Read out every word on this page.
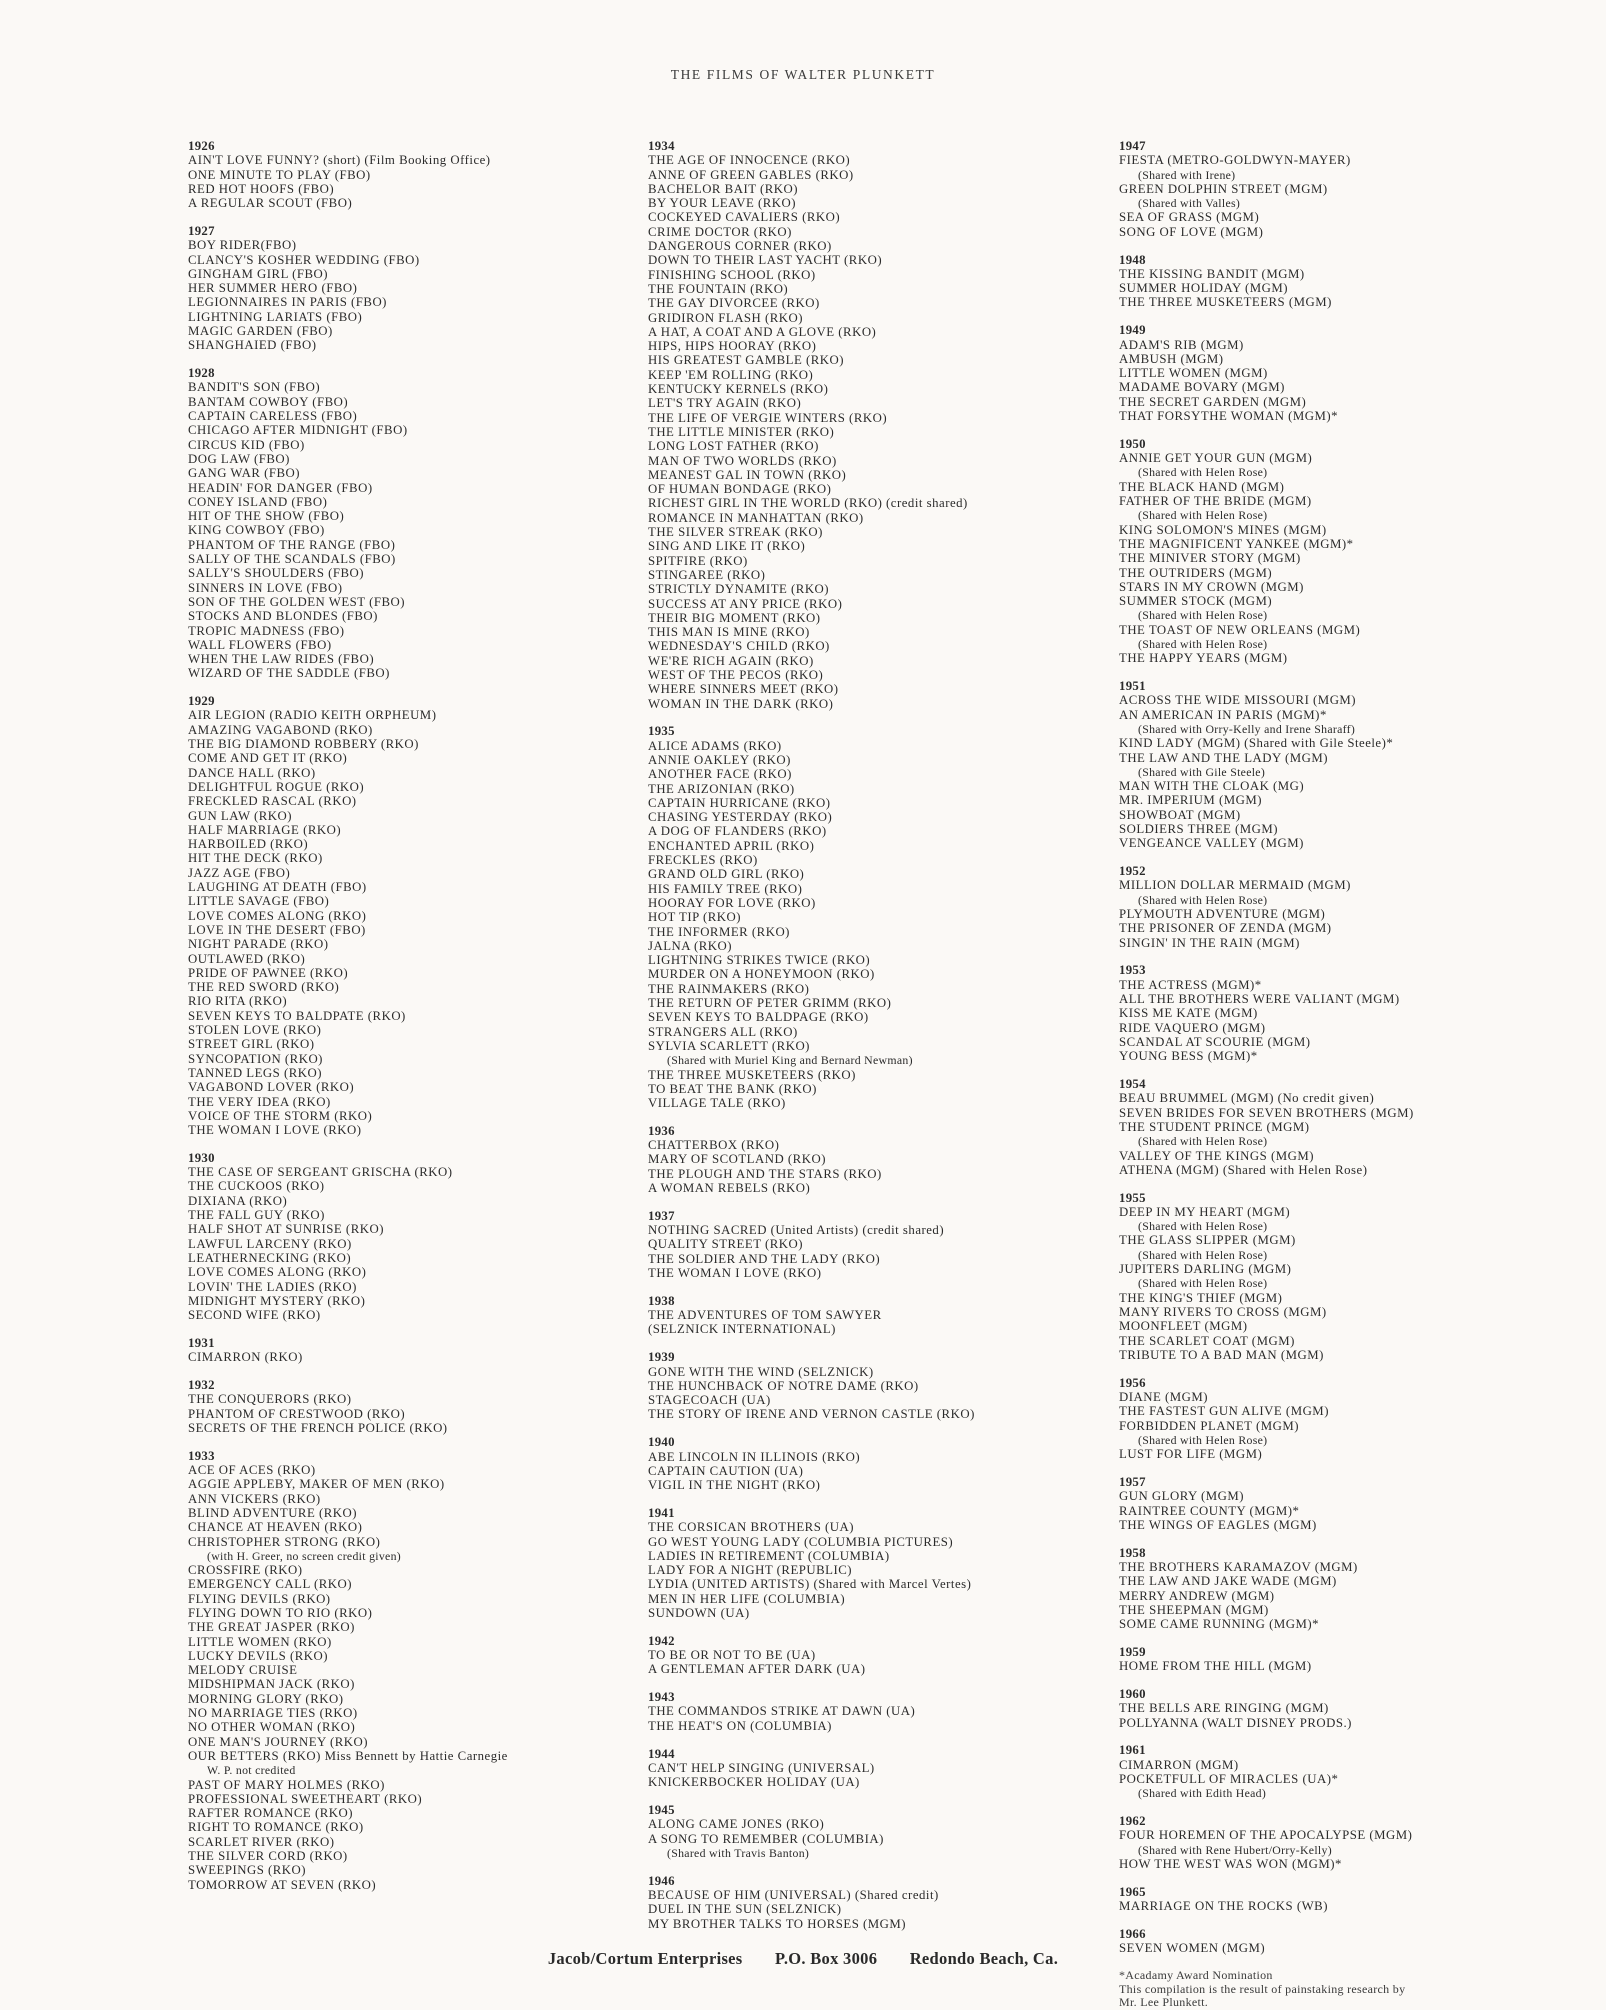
THE FILMS OF WALTER PLUNKETT
1926
AIN'T LOVE FUNNY? (short) (Film Booking Office)
ONE MINUTE TO PLAY (FBO)
RED HOT HOOFS (FBO)
A REGULAR SCOUT (FBO)
1927
BOY RIDER(FBO)
CLANCY'S KOSHER WEDDING (FBO)
GINGHAM GIRL (FBO)
HER SUMMER HERO (FBO)
LEGIONNAIRES IN PARIS (FBO)
LIGHTNING LARIATS (FBO)
MAGIC GARDEN (FBO)
SHANGHAIED (FBO)
1928
BANDIT'S SON (FBO)
BANTAM COWBOY (FBO)
CAPTAIN CARELESS (FBO)
CHICAGO AFTER MIDNIGHT (FBO)
CIRCUS KID (FBO)
DOG LAW (FBO)
GANG WAR (FBO)
HEADIN' FOR DANGER (FBO)
CONEY ISLAND (FBO)
HIT OF THE SHOW (FBO)
KING COWBOY (FBO)
PHANTOM OF THE RANGE (FBO)
SALLY OF THE SCANDALS (FBO)
SALLY'S SHOULDERS (FBO)
SINNERS IN LOVE (FBO)
SON OF THE GOLDEN WEST (FBO)
STOCKS AND BLONDES (FBO)
TROPIC MADNESS (FBO)
WALL FLOWERS (FBO)
WHEN THE LAW RIDES (FBO)
WIZARD OF THE SADDLE (FBO)
1929
AIR LEGION (RADIO KEITH ORPHEUM)
AMAZING VAGABOND (RKO)
THE BIG DIAMOND ROBBERY (RKO)
COME AND GET IT (RKO)
DANCE HALL (RKO)
DELIGHTFUL ROGUE (RKO)
FRECKLED RASCAL (RKO)
GUN LAW (RKO)
HALF MARRIAGE (RKO)
HARBOILED (RKO)
HIT THE DECK (RKO)
JAZZ AGE (FBO)
LAUGHING AT DEATH (FBO)
LITTLE SAVAGE (FBO)
LOVE COMES ALONG (RKO)
LOVE IN THE DESERT (FBO)
NIGHT PARADE (RKO)
OUTLAWED (RKO)
PRIDE OF PAWNEE (RKO)
THE RED SWORD (RKO)
RIO RITA (RKO)
SEVEN KEYS TO BALDPATE (RKO)
STOLEN LOVE (RKO)
STREET GIRL (RKO)
SYNCOPATION (RKO)
TANNED LEGS (RKO)
VAGABOND LOVER (RKO)
THE VERY IDEA (RKO)
VOICE OF THE STORM (RKO)
THE WOMAN I LOVE (RKO)
1930
THE CASE OF SERGEANT GRISCHA (RKO)
THE CUCKOOS (RKO)
DIXIANA (RKO)
THE FALL GUY (RKO)
HALF SHOT AT SUNRISE (RKO)
LAWFUL LARCENY (RKO)
LEATHERNECKING (RKO)
LOVE COMES ALONG (RKO)
LOVIN' THE LADIES (RKO)
MIDNIGHT MYSTERY (RKO)
SECOND WIFE (RKO)
1931
CIMARRON (RKO)
1932
THE CONQUERORS (RKO)
PHANTOM OF CRESTWOOD (RKO)
SECRETS OF THE FRENCH POLICE (RKO)
1933
ACE OF ACES (RKO)
AGGIE APPLEBY, MAKER OF MEN (RKO)
ANN VICKERS (RKO)
BLIND ADVENTURE (RKO)
CHANCE AT HEAVEN (RKO)
CHRISTOPHER STRONG (RKO)
(with H. Greer, no screen credit given)
CROSSFIRE (RKO)
EMERGENCY CALL (RKO)
FLYING DEVILS (RKO)
FLYING DOWN TO RIO (RKO)
THE GREAT JASPER (RKO)
LITTLE WOMEN (RKO)
LUCKY DEVILS (RKO)
MELODY CRUISE
MIDSHIPMAN JACK (RKO)
MORNING GLORY (RKO)
NO MARRIAGE TIES (RKO)
NO OTHER WOMAN (RKO)
ONE MAN'S JOURNEY (RKO)
OUR BETTERS (RKO) Miss Bennett by Hattie Carnegie
W. P. not credited
PAST OF MARY HOLMES (RKO)
PROFESSIONAL SWEETHEART (RKO)
RAFTER ROMANCE (RKO)
RIGHT TO ROMANCE (RKO)
SCARLET RIVER (RKO)
THE SILVER CORD (RKO)
SWEEPINGS (RKO)
TOMORROW AT SEVEN (RKO)
1934
THE AGE OF INNOCENCE (RKO)
ANNE OF GREEN GABLES (RKO)
BACHELOR BAIT (RKO)
BY YOUR LEAVE (RKO)
COCKEYED CAVALIERS (RKO)
CRIME DOCTOR (RKO)
DANGEROUS CORNER (RKO)
DOWN TO THEIR LAST YACHT (RKO)
FINISHING SCHOOL (RKO)
THE FOUNTAIN (RKO)
THE GAY DIVORCEE (RKO)
GRIDIRON FLASH (RKO)
A HAT, A COAT AND A GLOVE (RKO)
HIPS, HIPS HOORAY (RKO)
HIS GREATEST GAMBLE (RKO)
KEEP 'EM ROLLING (RKO)
KENTUCKY KERNELS (RKO)
LET'S TRY AGAIN (RKO)
THE LIFE OF VERGIE WINTERS (RKO)
THE LITTLE MINISTER (RKO)
LONG LOST FATHER (RKO)
MAN OF TWO WORLDS (RKO)
MEANEST GAL IN TOWN (RKO)
OF HUMAN BONDAGE (RKO)
RICHEST GIRL IN THE WORLD (RKO) (credit shared)
ROMANCE IN MANHATTAN (RKO)
THE SILVER STREAK (RKO)
SING AND LIKE IT (RKO)
SPITFIRE (RKO)
STINGAREE (RKO)
STRICTLY DYNAMITE (RKO)
SUCCESS AT ANY PRICE (RKO)
THEIR BIG MOMENT (RKO)
THIS MAN IS MINE (RKO)
WEDNESDAY'S CHILD (RKO)
WE'RE RICH AGAIN (RKO)
WEST OF THE PECOS (RKO)
WHERE SINNERS MEET (RKO)
WOMAN IN THE DARK (RKO)
1935
ALICE ADAMS (RKO)
ANNIE OAKLEY (RKO)
ANOTHER FACE (RKO)
THE ARIZONIAN (RKO)
CAPTAIN HURRICANE (RKO)
CHASING YESTERDAY (RKO)
A DOG OF FLANDERS (RKO)
ENCHANTED APRIL (RKO)
FRECKLES (RKO)
GRAND OLD GIRL (RKO)
HIS FAMILY TREE (RKO)
HOORAY FOR LOVE (RKO)
HOT TIP (RKO)
THE INFORMER (RKO)
JALNA (RKO)
LIGHTNING STRIKES TWICE (RKO)
MURDER ON A HONEYMOON (RKO)
THE RAINMAKERS (RKO)
THE RETURN OF PETER GRIMM (RKO)
SEVEN KEYS TO BALDPAGE (RKO)
STRANGERS ALL (RKO)
SYLVIA SCARLETT (RKO)
(Shared with Muriel King and Bernard Newman)
THE THREE MUSKETEERS (RKO)
TO BEAT THE BANK (RKO)
VILLAGE TALE (RKO)
1936
CHATTERBOX (RKO)
MARY OF SCOTLAND (RKO)
THE PLOUGH AND THE STARS (RKO)
A WOMAN REBELS (RKO)
1937
NOTHING SACRED (United Artists) (credit shared)
QUALITY STREET (RKO)
THE SOLDIER AND THE LADY (RKO)
THE WOMAN I LOVE (RKO)
1938
THE ADVENTURES OF TOM SAWYER
(SELZNICK INTERNATIONAL)
1939
GONE WITH THE WIND (SELZNICK)
THE HUNCHBACK OF NOTRE DAME (RKO)
STAGECOACH (UA)
THE STORY OF IRENE AND VERNON CASTLE (RKO)
1940
ABE LINCOLN IN ILLINOIS (RKO)
CAPTAIN CAUTION (UA)
VIGIL IN THE NIGHT (RKO)
1941
THE CORSICAN BROTHERS (UA)
GO WEST YOUNG LADY (COLUMBIA PICTURES)
LADIES IN RETIREMENT (COLUMBIA)
LADY FOR A NIGHT (REPUBLIC)
LYDIA (UNITED ARTISTS) (Shared with Marcel Vertes)
MEN IN HER LIFE (COLUMBIA)
SUNDOWN (UA)
1942
TO BE OR NOT TO BE (UA)
A GENTLEMAN AFTER DARK (UA)
1943
THE COMMANDOS STRIKE AT DAWN (UA)
THE HEAT'S ON (COLUMBIA)
1944
CAN'T HELP SINGING (UNIVERSAL)
KNICKERBOCKER HOLIDAY (UA)
1945
ALONG CAME JONES (RKO)
A SONG TO REMEMBER (COLUMBIA)
(Shared with Travis Banton)
1946
BECAUSE OF HIM (UNIVERSAL) (Shared credit)
DUEL IN THE SUN (SELZNICK)
MY BROTHER TALKS TO HORSES (MGM)
1947
FIESTA (METRO-GOLDWYN-MAYER)
(Shared with Irene)
GREEN DOLPHIN STREET (MGM)
(Shared with Valles)
SEA OF GRASS (MGM)
SONG OF LOVE (MGM)
1948
THE KISSING BANDIT (MGM)
SUMMER HOLIDAY (MGM)
THE THREE MUSKETEERS (MGM)
1949
ADAM'S RIB (MGM)
AMBUSH (MGM)
LITTLE WOMEN (MGM)
MADAME BOVARY (MGM)
THE SECRET GARDEN (MGM)
THAT FORSYTHE WOMAN (MGM)*
1950
ANNIE GET YOUR GUN (MGM)
(Shared with Helen Rose)
THE BLACK HAND (MGM)
FATHER OF THE BRIDE (MGM)
(Shared with Helen Rose)
KING SOLOMON'S MINES (MGM)
THE MAGNIFICENT YANKEE (MGM)*
THE MINIVER STORY (MGM)
THE OUTRIDERS (MGM)
STARS IN MY CROWN (MGM)
SUMMER STOCK (MGM)
(Shared with Helen Rose)
THE TOAST OF NEW ORLEANS (MGM)
(Shared with Helen Rose)
THE HAPPY YEARS (MGM)
1951
ACROSS THE WIDE MISSOURI (MGM)
AN AMERICAN IN PARIS (MGM)*
(Shared with Orry-Kelly and Irene Sharaff)
KIND LADY (MGM) (Shared with Gile Steele)*
THE LAW AND THE LADY (MGM)
(Shared with Gile Steele)
MAN WITH THE CLOAK (MG)
MR. IMPERIUM (MGM)
SHOWBOAT (MGM)
SOLDIERS THREE (MGM)
VENGEANCE VALLEY (MGM)
1952
MILLION DOLLAR MERMAID (MGM)
(Shared with Helen Rose)
PLYMOUTH ADVENTURE (MGM)
THE PRISONER OF ZENDA (MGM)
SINGIN' IN THE RAIN (MGM)
1953
THE ACTRESS (MGM)*
ALL THE BROTHERS WERE VALIANT (MGM)
KISS ME KATE (MGM)
RIDE VAQUERO (MGM)
SCANDAL AT SCOURIE (MGM)
YOUNG BESS (MGM)*
1954
BEAU BRUMMEL (MGM) (No credit given)
SEVEN BRIDES FOR SEVEN BROTHERS (MGM)
THE STUDENT PRINCE (MGM)
(Shared with Helen Rose)
VALLEY OF THE KINGS (MGM)
ATHENA (MGM) (Shared with Helen Rose)
1955
DEEP IN MY HEART (MGM)
(Shared with Helen Rose)
THE GLASS SLIPPER (MGM)
(Shared with Helen Rose)
JUPITERS DARLING (MGM)
(Shared with Helen Rose)
THE KING'S THIEF (MGM)
MANY RIVERS TO CROSS (MGM)
MOONFLEET (MGM)
THE SCARLET COAT (MGM)
TRIBUTE TO A BAD MAN (MGM)
1956
DIANE (MGM)
THE FASTEST GUN ALIVE (MGM)
FORBIDDEN PLANET (MGM)
(Shared with Helen Rose)
LUST FOR LIFE (MGM)
1957
GUN GLORY (MGM)
RAINTREE COUNTY (MGM)*
THE WINGS OF EAGLES (MGM)
1958
THE BROTHERS KARAMAZOV (MGM)
THE LAW AND JAKE WADE (MGM)
MERRY ANDREW (MGM)
THE SHEEPMAN (MGM)
SOME CAME RUNNING (MGM)*
1959
HOME FROM THE HILL (MGM)
1960
THE BELLS ARE RINGING (MGM)
POLLYANNA (WALT DISNEY PRODS.)
1961
CIMARRON (MGM)
POCKETFULL OF MIRACLES (UA)*
(Shared with Edith Head)
1962
FOUR HOREMEN OF THE APOCALYPSE (MGM)
(Shared with Rene Hubert/Orry-Kelly)
HOW THE WEST WAS WON (MGM)*
1965
MARRIAGE ON THE ROCKS (WB)
1966
SEVEN WOMEN (MGM)
*Acadamy Award Nomination
This compilation is the result of painstaking research by
Mr. Lee Plunkett.
Jacob/Cortum Enterprises P.O. Box 3006 Redondo Beach, Ca.
